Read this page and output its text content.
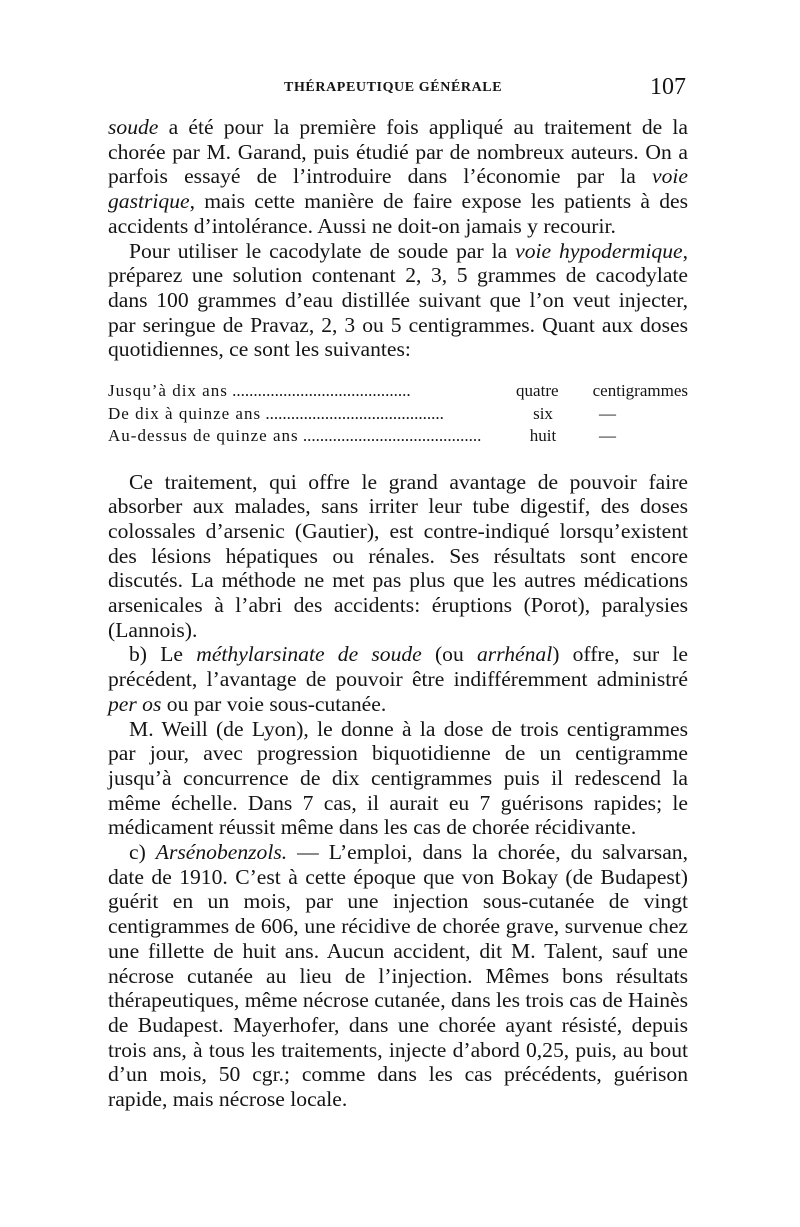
THÉRAPEUTIQUE GÉNÉRALE	107

soude a été pour la première fois appliqué au traitement de la chorée par M. Garand, puis étudié par de nombreux auteurs. On a parfois essayé de l’introduire dans l’économie par la voie gastrique, mais cette manière de faire expose les patients à des accidents d’intolérance. Aussi ne doit-on jamais y recourir.

Pour utiliser le cacodylate de soude par la voie hypodermique, préparez une solution contenant 2, 3, 5 grammes de cacodylate dans 100 grammes d’eau distillée suivant que l’on veut injecter, par seringue de Pravaz, 2, 3 ou 5 centigrammes. Quant aux doses quotidiennes, ce sont les suivantes:

Jusqu’à dix ans ..........................................	quatre	centigrammes
De dix à quinze ans ..........................................	six	—
Au-dessus de quinze ans ..........................................	huit	—

Ce traitement, qui offre le grand avantage de pouvoir faire absorber aux malades, sans irriter leur tube digestif, des doses colossales d’arsenic (Gautier), est contre-indiqué lorsqu’existent des lésions hépatiques ou rénales. Ses résultats sont encore discutés. La méthode ne met pas plus que les autres médications arsenicales à l’abri des accidents: éruptions (Porot), paralysies (Lannois).

b) Le méthylarsinate de soude (ou arrhénal) offre, sur le précédent, l’avantage de pouvoir être indifféremment administré per os ou par voie sous-cutanée.

M. Weill (de Lyon), le donne à la dose de trois centigrammes par jour, avec progression biquotidienne de un centigramme jusqu’à concurrence de dix centigrammes puis il redescend la même échelle. Dans 7 cas, il aurait eu 7 guérisons rapides; le médicament réussit même dans les cas de chorée récidivante.

c) Arsénobenzols. — L’emploi, dans la chorée, du salvarsan, date de 1910. C’est à cette époque que von Bokay (de Budapest) guérit en un mois, par une injection sous-cutanée de vingt centigrammes de 606, une récidive de chorée grave, survenue chez une fillette de huit ans. Aucun accident, dit M. Talent, sauf une nécrose cutanée au lieu de l’injection. Mêmes bons résultats thérapeutiques, même nécrose cutanée, dans les trois cas de Hainès de Budapest. Mayerhofer, dans une chorée ayant résisté, depuis trois ans, à tous les traitements, injecte d’abord 0,25, puis, au bout d’un mois, 50 cgr.; comme dans les cas précédents, guérison rapide, mais nécrose locale.
